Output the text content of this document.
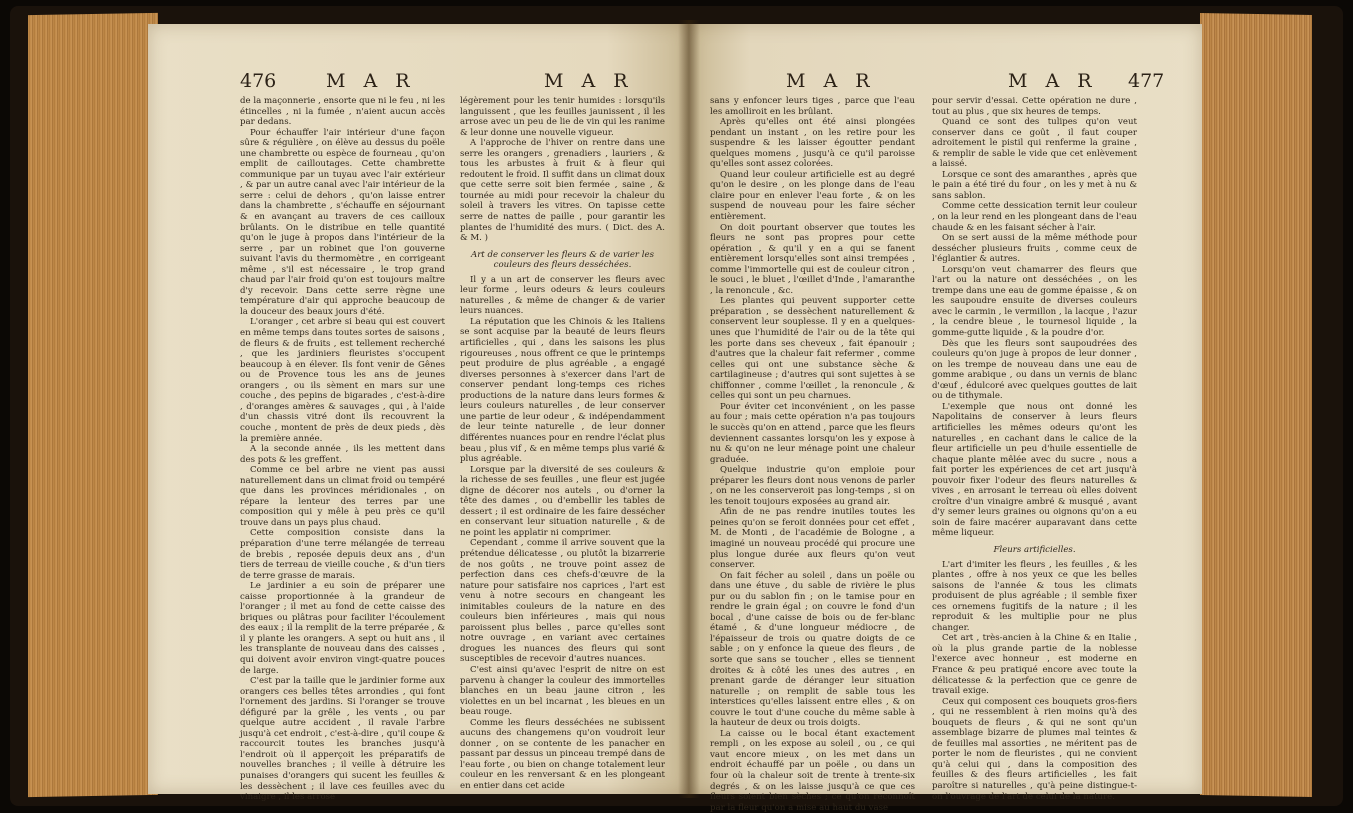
476	M A R	M A R

de la maçonnerie , ensorte que ni le feu , ni les étincelles , ni la fumée , n'aient aucun accès par dedans.

Pour échauffer l'air intérieur d'une façon sûre & régulière , on élève au dessus du poële une chambrette ou espèce de fourneau , qu'on emplit de cailloutages. Cette chambrette communique par un tuyau avec l'air extérieur , & par un autre canal avec l'air intérieur de la serre : celui de dehors , qu'on laisse entrer dans la chambrette , s'échauffe en séjournant & en avançant au travers de ces cailloux brûlants. On le distribue en telle quantité qu'on le juge à propos dans l'intérieur de la serre , par un robinet que l'on gouverne suivant l'avis du thermomètre , en corrigeant même , s'il est nécessaire , le trop grand chaud par l'air froid qu'on est toujours maître d'y recevoir. Dans cette serre règne une température d'air qui approche beaucoup de la douceur des beaux jours d'été.

L'oranger , cet arbre si beau qui est couvert en même temps dans toutes sortes de saisons , de fleurs & de fruits , est tellement recherché , que les jardiniers fleuristes s'occupent beaucoup à en élever. Ils font venir de Gênes ou de Provence tous les ans de jeunes orangers , ou ils sèment en mars sur une couche , des pepins de bigarades , c'est-à-dire , d'oranges amères & sauvages , qui , à l'aide d'un chassis vitré dont ils recouvrent la couche , montent de près de deux pieds , dès la première année.

A la seconde année , ils les mettent dans des pots & les greffent.

Comme ce bel arbre ne vient pas aussi naturellement dans un climat froid ou tempéré que dans les provinces méridionales , on répare la lenteur des terres par une composition qui y mêle à peu près ce qu'il trouve dans un pays plus chaud.

Cette composition consiste dans la préparation d'une terre mélangée de terreau de brebis , reposée depuis deux ans , d'un tiers de terreau de vieille couche , & d'un tiers de terre grasse de marais.

Le jardinier a eu soin de préparer une caisse proportionnée à la grandeur de l'oranger ; il met au fond de cette caisse des briques ou plâtras pour faciliter l'écoulement des eaux ; il la remplit de la terre préparée , & il y plante les orangers. A sept ou huit ans , il les transplante de nouveau dans des caisses , qui doivent avoir environ vingt-quatre pouces de large.

C'est par la taille que le jardinier forme aux orangers ces belles têtes arrondies , qui font l'ornement des jardins. Si l'oranger se trouve défiguré par la grêle , les vents , ou par quelque autre accident , il ravale l'arbre jusqu'à cet endroit , c'est-à-dire , qu'il coupe & raccourcit toutes les branches jusqu'à l'endroit où il apperçoit les préparatifs de nouvelles branches ; il veille à détruire les punaises d'orangers qui sucent les feuilles & les dessèchent ; il lave ces feuilles avec du vinaigre , il les arrose

légèrement pour les tenir humides : lorsqu'ils languissent , que les feuilles jaunissent , il les arrose avec un peu de lie de vin qui les ranime & leur donne une nouvelle vigueur.

A l'approche de l'hiver on rentre dans une serre les orangers , grenadiers , lauriers , & tous les arbustes à fruit & à fleur qui redoutent le froid. Il suffit dans un climat doux que cette serre soit bien fermée , saine , & tournée au midi pour recevoir la chaleur du soleil à travers les vitres. On tapisse cette serre de nattes de paille , pour garantir les plantes de l'humidité des murs. ( Dict. des A. & M. )

Art de conserver les fleurs & de varier les couleurs des fleurs desséchées.

Il y a un art de conserver les fleurs avec leur forme , leurs odeurs & leurs couleurs naturelles , & même de changer & de varier leurs nuances.

La réputation que les Chinois & les Italiens se sont acquise par la beauté de leurs fleurs artificielles , qui , dans les saisons les plus rigoureuses , nous offrent ce que le printemps peut produire de plus agréable , a engagé diverses personnes à s'exercer dans l'art de conserver pendant long-temps ces riches productions de la nature dans leurs formes & leurs couleurs naturelles , de leur conserver une partie de leur odeur , & indépendamment de leur teinte naturelle , de leur donner différentes nuances pour en rendre l'éclat plus beau , plus vif , & en même temps plus varié & plus agréable.

Lorsque par la diversité de ses couleurs & la richesse de ses feuilles , une fleur est jugée digne de décorer nos autels , ou d'orner la tête des dames , ou d'embellir les tables de dessert ; il est ordinaire de les faire dessécher en conservant leur situation naturelle , & de ne point les applatir ni comprimer.

Cependant , comme il arrive souvent que la prétendue délicatesse , ou plutôt la bizarrerie de nos goûts , ne trouve point assez de perfection dans ces chefs-d'œuvre de la nature pour satisfaire nos caprices , l'art est venu à notre secours en changeant les inimitables couleurs de la nature en des couleurs bien inférieures , mais qui nous paroissent plus belles , parce qu'elles sont notre ouvrage , en variant avec certaines drogues les nuances des fleurs qui sont susceptibles de recevoir d'autres nuances.

C'est ainsi qu'avec l'esprit de nitre on est parvenu à changer la couleur des immortelles blanches en un beau jaune citron , les violettes en un bel incarnat , les bleues en un beau rouge.

Comme les fleurs desséchées ne subissent aucuns des changemens qu'on voudroit leur donner , on se contente de les panacher en passant par dessus un pinceau trempé dans de l'eau forte , ou bien on change totalement leur couleur en les renversant & en les plongeant en entier dans cet acide

M A R	M A R 477

sans y enfoncer leurs tiges , parce que l'eau les amolliroit en les brûlant.

Après qu'elles ont été ainsi plongées pendant un instant , on les retire pour les suspendre & les laisser égoutter pendant quelques momens , jusqu'à ce qu'il paroisse qu'elles sont assez colorées.

Quand leur couleur artificielle est au degré qu'on le desire , on les plonge dans de l'eau claire pour en enlever l'eau forte , & on les suspend de nouveau pour les faire sécher entièrement.

On doit pourtant observer que toutes les fleurs ne sont pas propres pour cette opération , & qu'il y en a qui se fanent entièrement lorsqu'elles sont ainsi trempées , comme l'immortelle qui est de couleur citron , le souci , le bluet , l'œillet d'Inde , l'amaranthe , la renoncule , &c.

Les plantes qui peuvent supporter cette préparation , se dessèchent naturellement & conservent leur souplesse. Il y en a quelques-unes que l'humidité de l'air ou de la tête qui les porte dans ses cheveux , fait épanouir ; d'autres que la chaleur fait refermer , comme celles qui ont une substance sèche & cartilagineuse ; d'autres qui sont sujettes à se chiffonner , comme l'œillet , la renoncule , & celles qui sont un peu charnues.

Pour éviter cet inconvénient , on les passe au four ; mais cette opération n'a pas toujours le succès qu'on en attend , parce que les fleurs deviennent cassantes lorsqu'on les y expose à nu & qu'on ne leur ménage point une chaleur graduée.

Quelque industrie qu'on emploie pour préparer les fleurs dont nous venons de parler , on ne les conserveroit pas long-temps , si on les tenoit toujours exposées au grand air.

Afin de ne pas rendre inutiles toutes les peines qu'on se feroit données pour cet effet , M. de Monti , de l'académie de Bologne , a imaginé un nouveau procédé qui procure une plus longue durée aux fleurs qu'on veut conserver.

On fait fécher au soleil , dans un poële ou dans une étuve , du sable de rivière le plus pur ou du sablon fin ; on le tamise pour en rendre le grain égal ; on couvre le fond d'un bocal , d'une caisse de bois ou de fer-blanc étamé , & d'une longueur médiocre , de l'épaisseur de trois ou quatre doigts de ce sable ; on y enfonce la queue des fleurs , de sorte que sans se toucher , elles se tiennent droites & à côté les unes des autres , en prenant garde de déranger leur situation naturelle ; on remplit de sable tous les interstices qu'elles laissent entre elles , & on couvre le tout d'une couche du même sable à la hauteur de deux ou trois doigts.

La caisse ou le bocal étant exactement rempli , on les expose au soleil , ou , ce qui vaut encore mieux , on les met dans un endroit échauffé par un poële , ou dans un four où la chaleur soit de trente à trente-six degrés , & on les laisse jusqu'à ce que ces fleurs soient bien sèches ; ce qu'on reconnoît par la fleur qu'on a mise au haut du vase

pour servir d'essai. Cette opération ne dure , tout au plus , que six heures de temps.

Quand ce sont des tulipes qu'on veut conserver dans ce goût , il faut couper adroitement le pistil qui renferme la graine , & remplir de sable le vide que cet enlèvement a laissé.

Lorsque ce sont des amaranthes , après que le pain a été tiré du four , on les y met à nu & sans sablon.

Comme cette dessication ternit leur couleur , on la leur rend en les plongeant dans de l'eau chaude & en les faisant sécher à l'air.

On se sert aussi de la même méthode pour dessécher plusieurs fruits , comme ceux de l'églantier & autres.

Lorsqu'on veut chamarrer des fleurs que l'art ou la nature ont desséchées , on les trempe dans une eau de gomme épaisse , & on les saupoudre ensuite de diverses couleurs avec le carmin , le vermillon , la lacque , l'azur , la cendre bleue , le tournesol liquide , la gomme-gutte liquide , & la poudre d'or.

Dès que les fleurs sont saupoudrées des couleurs qu'on juge à propos de leur donner , on les trempe de nouveau dans une eau de gomme arabique , ou dans un vernis de blanc d'œuf , édulcoré avec quelques gouttes de lait ou de tithymale.

L'exemple que nous ont donné les Napolitains de conserver à leurs fleurs artificielles les mêmes odeurs qu'ont les naturelles , en cachant dans le calice de la fleur artificielle un peu d'huile essentielle de chaque plante mêlée avec du sucre , nous a fait porter les expériences de cet art jusqu'à pouvoir fixer l'odeur des fleurs naturelles & vives , en arrosant le terreau où elles doivent croître d'un vinaigre ambré & musqué , avant d'y semer leurs graines ou oignons qu'on a eu soin de faire macérer auparavant dans cette même liqueur.

Fleurs artificielles.

L'art d'imiter les fleurs , les feuilles , & les plantes , offre à nos yeux ce que les belles saisons de l'année & tous les climats produisent de plus agréable ; il semble fixer ces ornemens fugitifs de la nature ; il les reproduit & les multiplie pour ne plus changer.

Cet art , très-ancien à la Chine & en Italie , où la plus grande partie de la noblesse l'exerce avec honneur , est moderne en France & peu pratiqué encore avec toute la délicatesse & la perfection que ce genre de travail exige.

Ceux qui composent ces bouquets gros-fiers , qui ne ressemblent à rien moins qu'à des bouquets de fleurs , & qui ne sont qu'un assemblage bizarre de plumes mal teintes & de feuilles mal assorties , ne méritent pas de porter le nom de fleuristes , qui ne convient qu'à celui qui , dans la composition des feuilles & des fleurs artificielles , les fait paroître si naturelles , qu'à peine distingue-t-on l'ouvrage de l'art de celui de la nature.
